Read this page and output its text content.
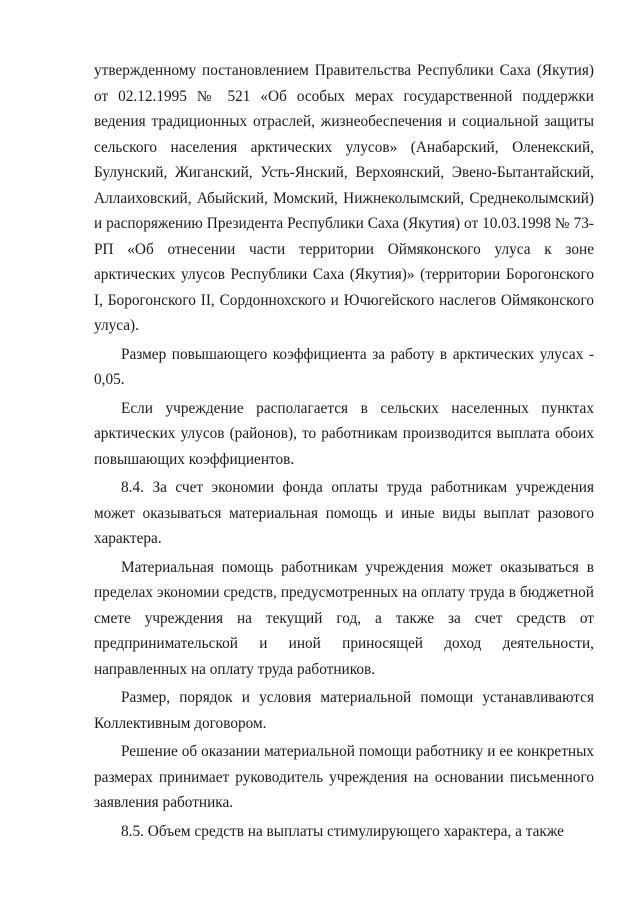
утвержденному постановлением Правительства Республики Саха (Якутия) от 02.12.1995 № 521 «Об особых мерах государственной поддержки ведения традиционных отраслей, жизнеобеспечения и социальной защиты сельского населения арктических улусов» (Анабарский, Оленекский, Булунский, Жиганский, Усть-Янский, Верхоянский, Эвено-Бытантайский, Аллаиховский, Абыйский, Момский, Нижнеколымский, Среднеколымский) и распоряжению Президента Республики Саха (Якутия) от 10.03.1998 № 73-РП «Об отнесении части территории Оймяконского улуса к зоне арктических улусов Республики Саха (Якутия)» (территории Борогонского I, Борогонского II, Сордоннохского и Ючюгейского наслегов Оймяконского улуса).

Размер повышающего коэффициента за работу в арктических улусах - 0,05.

Если учреждение располагается в сельских населенных пунктах арктических улусов (районов), то работникам производится выплата обоих повышающих коэффициентов.

8.4. За счет экономии фонда оплаты труда работникам учреждения может оказываться материальная помощь и иные виды выплат разового характера.

Материальная помощь работникам учреждения может оказываться в пределах экономии средств, предусмотренных на оплату труда в бюджетной смете учреждения на текущий год, а также за счет средств от предпринимательской и иной приносящей доход деятельности, направленных на оплату труда работников.

Размер, порядок и условия материальной помощи устанавливаются Коллективным договором.

Решение об оказании материальной помощи работнику и ее конкретных размерах принимает руководитель учреждения на основании письменного заявления работника.

8.5. Объем средств на выплаты стимулирующего характера, а также
